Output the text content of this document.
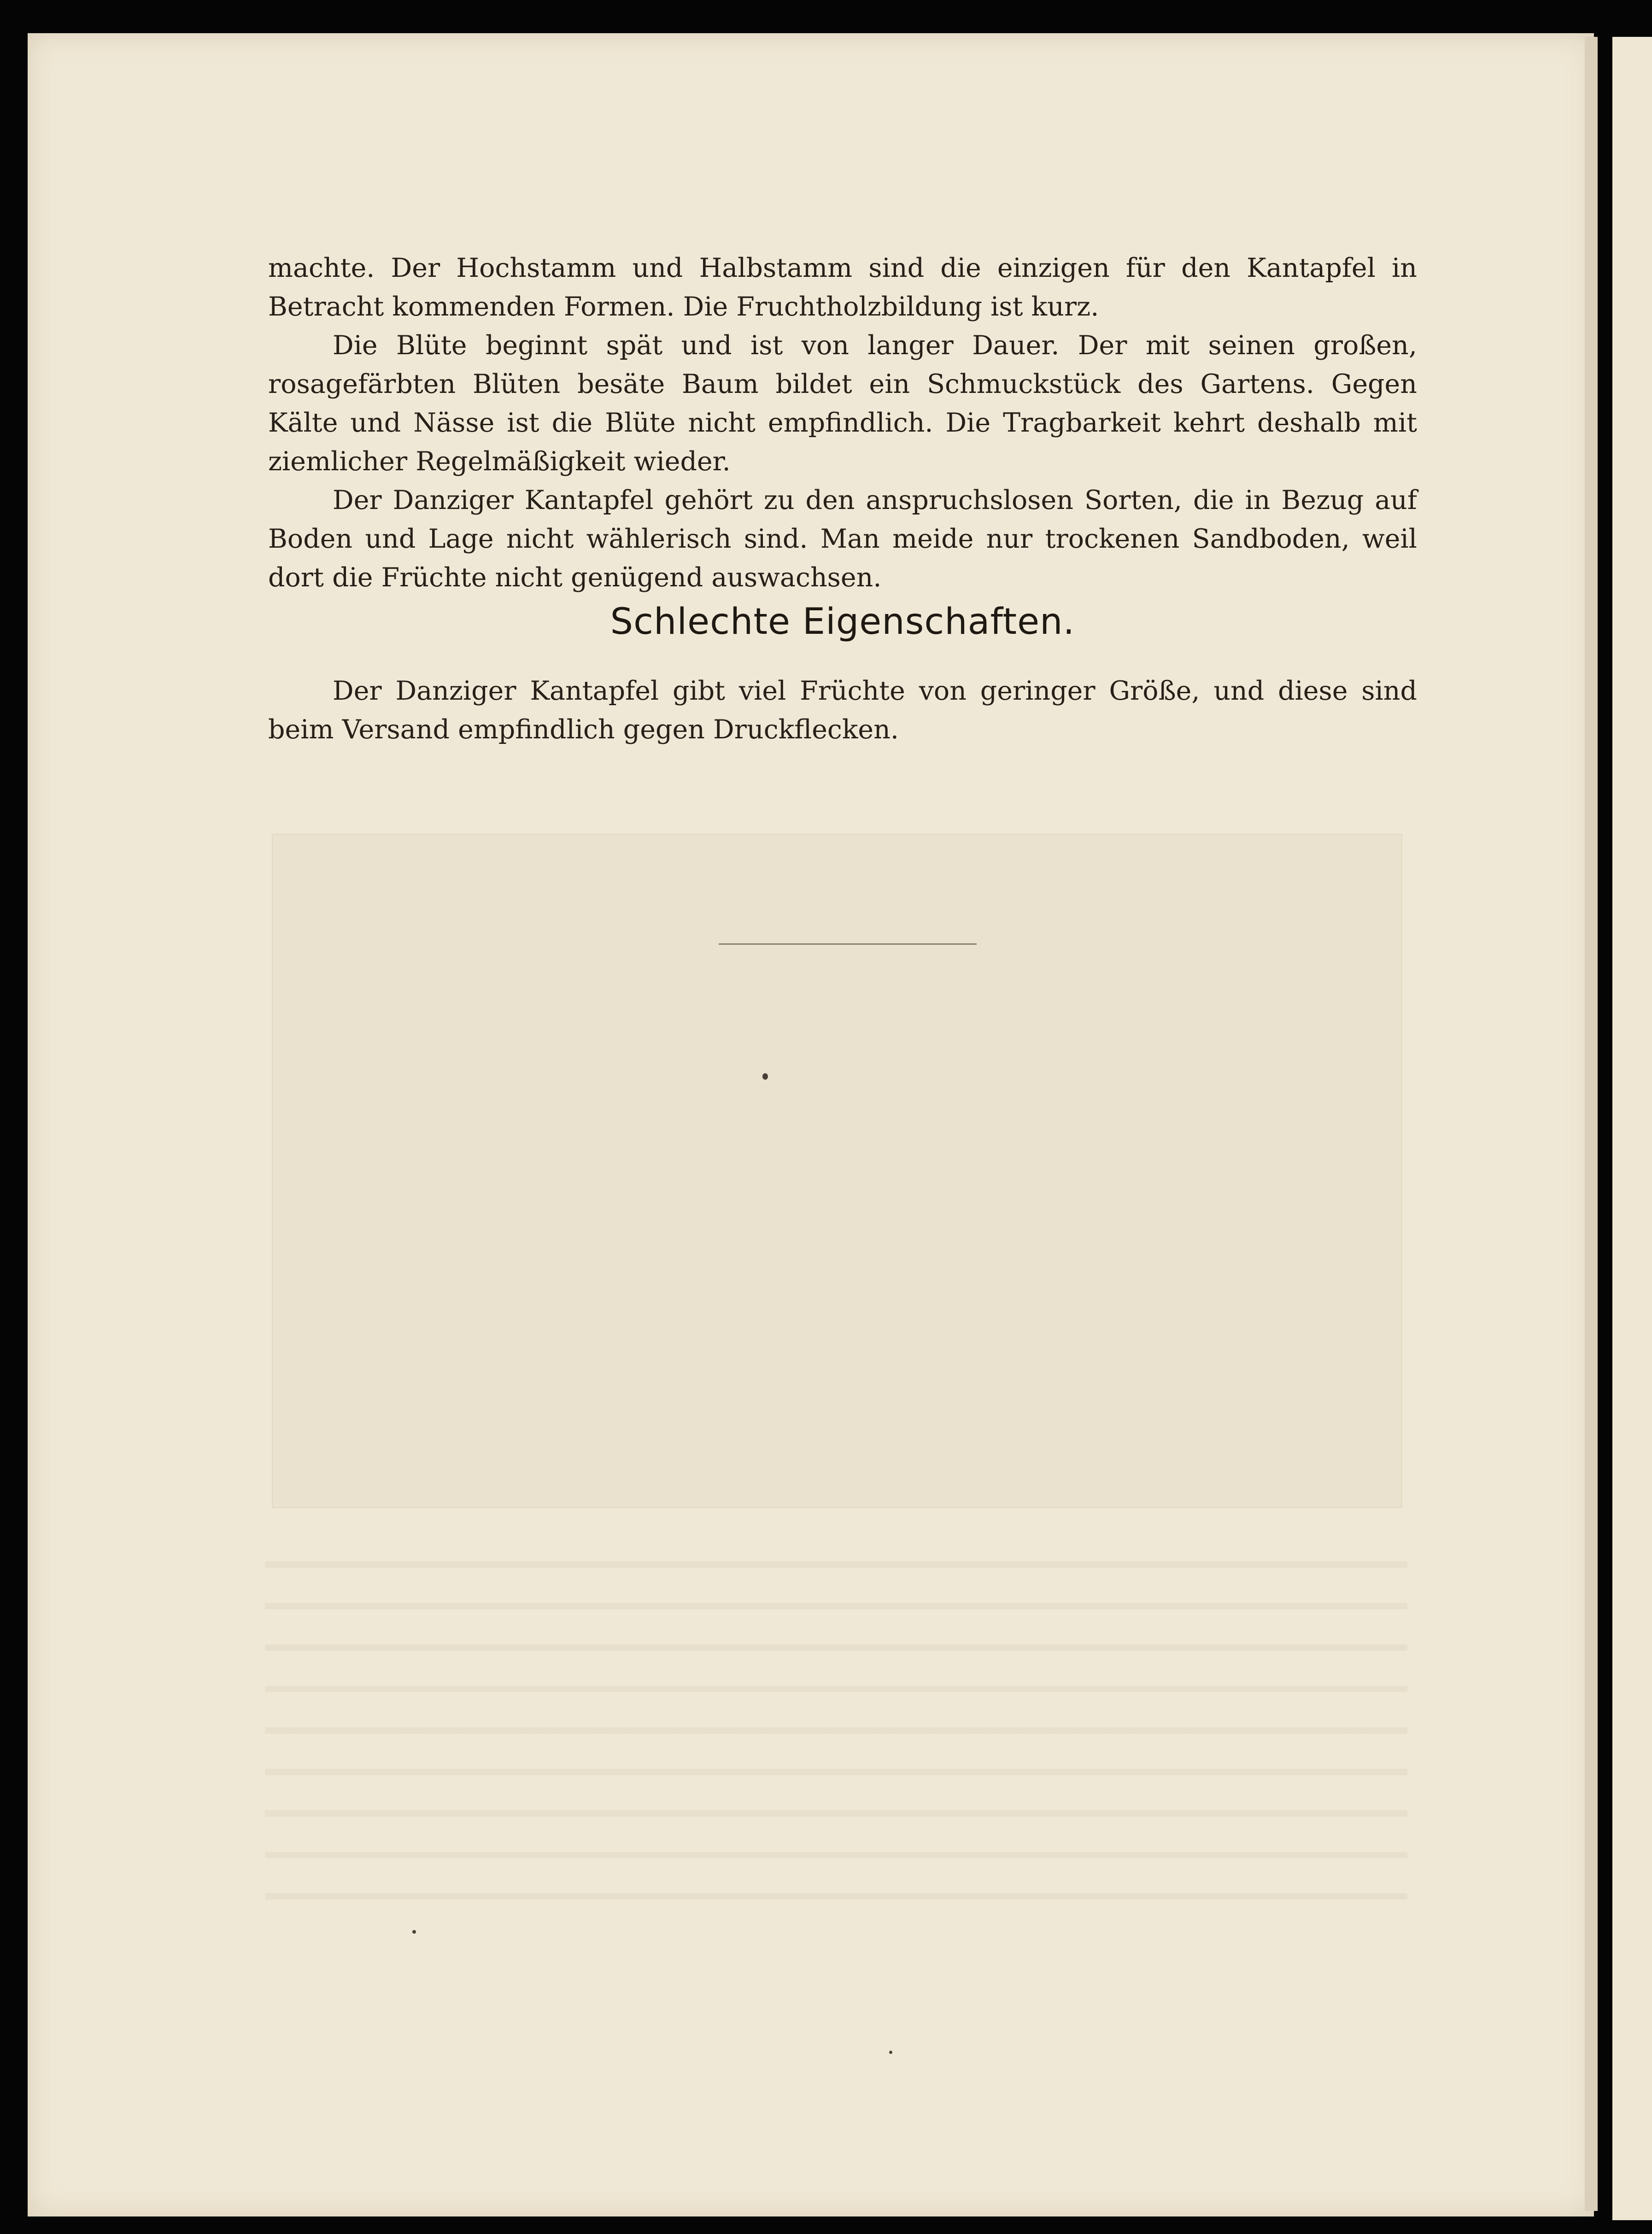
machte. Der Hochstamm und Halbstamm sind die einzigen für den Kantapfel in Betracht kommenden Formen. Die Fruchtholzbildung ist kurz.

Die Blüte beginnt spät und ist von langer Dauer. Der mit seinen großen, rosagefärbten Blüten besäte Baum bildet ein Schmuckstück des Gartens. Gegen Kälte und Nässe ist die Blüte nicht empfindlich. Die Tragbarkeit kehrt deshalb mit ziemlicher Regelmäßigkeit wieder.

Der Danziger Kantapfel gehört zu den anspruchslosen Sorten, die in Bezug auf Boden und Lage nicht wählerisch sind. Man meide nur trockenen Sandboden, weil dort die Früchte nicht genügend auswachsen.

Schlechte Eigenschaften.

Der Danziger Kantapfel gibt viel Früchte von geringer Größe, und diese sind beim Versand empfindlich gegen Druckflecken.
